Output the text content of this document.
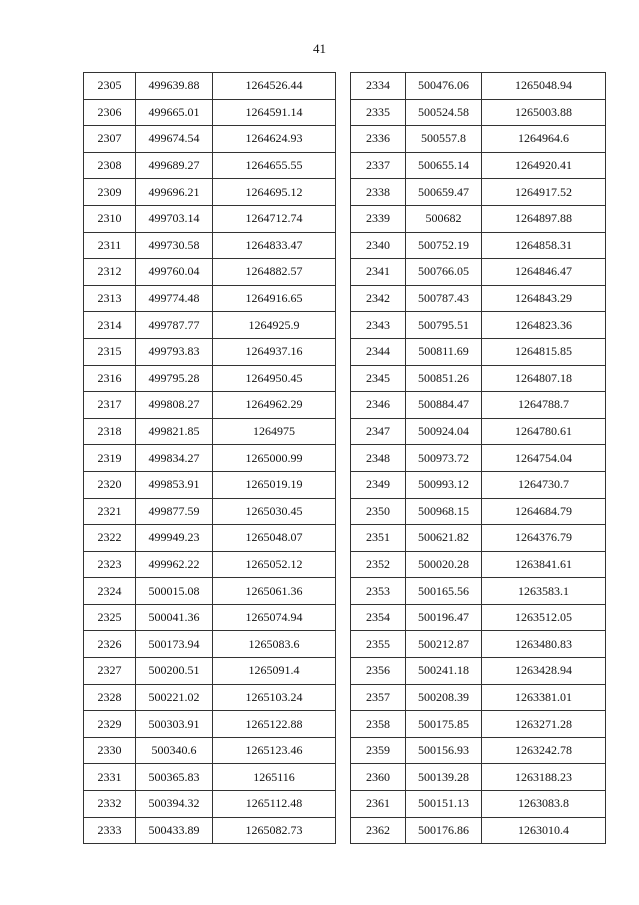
41
2305	499639.88	1264526.44
2306	499665.01	1264591.14
2307	499674.54	1264624.93
2308	499689.27	1264655.55
2309	499696.21	1264695.12
2310	499703.14	1264712.74
2311	499730.58	1264833.47
2312	499760.04	1264882.57
2313	499774.48	1264916.65
2314	499787.77	1264925.9
2315	499793.83	1264937.16
2316	499795.28	1264950.45
2317	499808.27	1264962.29
2318	499821.85	1264975
2319	499834.27	1265000.99
2320	499853.91	1265019.19
2321	499877.59	1265030.45
2322	499949.23	1265048.07
2323	499962.22	1265052.12
2324	500015.08	1265061.36
2325	500041.36	1265074.94
2326	500173.94	1265083.6
2327	500200.51	1265091.4
2328	500221.02	1265103.24
2329	500303.91	1265122.88
2330	500340.6	1265123.46
2331	500365.83	1265116
2332	500394.32	1265112.48
2333	500433.89	1265082.73
2334	500476.06	1265048.94
2335	500524.58	1265003.88
2336	500557.8	1264964.6
2337	500655.14	1264920.41
2338	500659.47	1264917.52
2339	500682	1264897.88
2340	500752.19	1264858.31
2341	500766.05	1264846.47
2342	500787.43	1264843.29
2343	500795.51	1264823.36
2344	500811.69	1264815.85
2345	500851.26	1264807.18
2346	500884.47	1264788.7
2347	500924.04	1264780.61
2348	500973.72	1264754.04
2349	500993.12	1264730.7
2350	500968.15	1264684.79
2351	500621.82	1264376.79
2352	500020.28	1263841.61
2353	500165.56	1263583.1
2354	500196.47	1263512.05
2355	500212.87	1263480.83
2356	500241.18	1263428.94
2357	500208.39	1263381.01
2358	500175.85	1263271.28
2359	500156.93	1263242.78
2360	500139.28	1263188.23
2361	500151.13	1263083.8
2362	500176.86	1263010.4
